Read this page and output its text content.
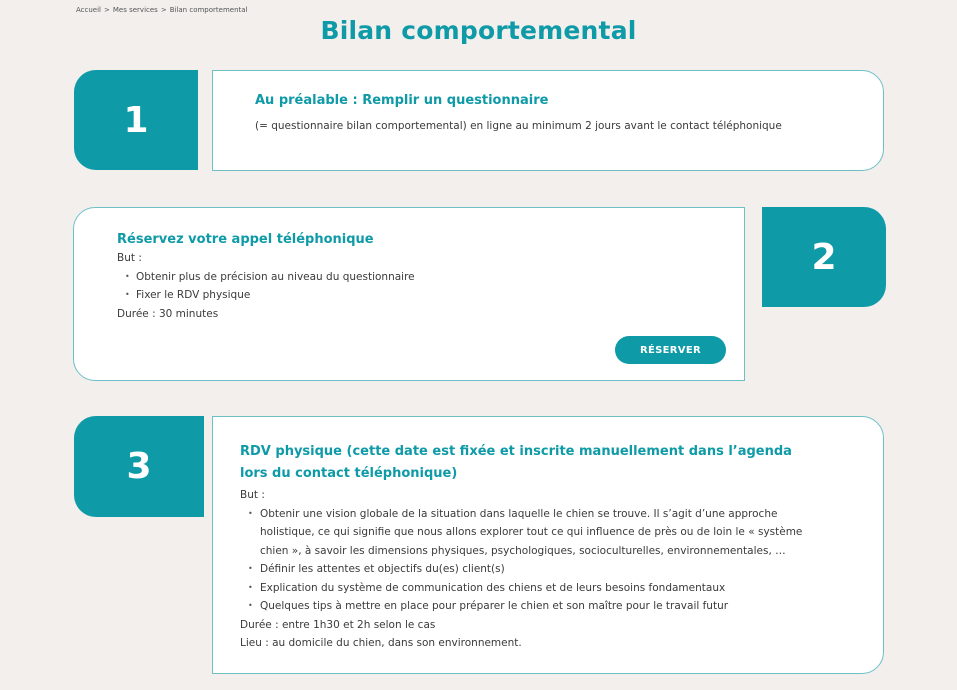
Accueil > Mes services > Bilan comportemental
Bilan comportemental
1	Au préalable : Remplir un questionnaire

(= questionnaire bilan comportemental) en ligne au minimum 2 jours avant le contact téléphonique

Réservez votre appel téléphonique

But :

• Obtenir plus de précision au niveau du questionnaire
• Fixer le RDV physique

Durée : 30 minutes

RÉSERVER
2
3	RDV physique (cette date est fixée et inscrite manuellement dans l’agenda lors du contact téléphonique)

But :

• Obtenir une vision globale de la situation dans laquelle le chien se trouve. Il s’agit d’une approche holistique, ce qui signifie que nous allons explorer tout ce qui influence de près ou de loin le « système chien », à savoir les dimensions physiques, psychologiques, socioculturelles, environnementales, …
• Définir les attentes et objectifs du(es) client(s)
• Explication du système de communication des chiens et de leurs besoins fondamentaux
• Quelques tips à mettre en place pour préparer le chien et son maître pour le travail futur

Durée : entre 1h30 et 2h selon le cas

Lieu : au domicile du chien, dans son environnement.
